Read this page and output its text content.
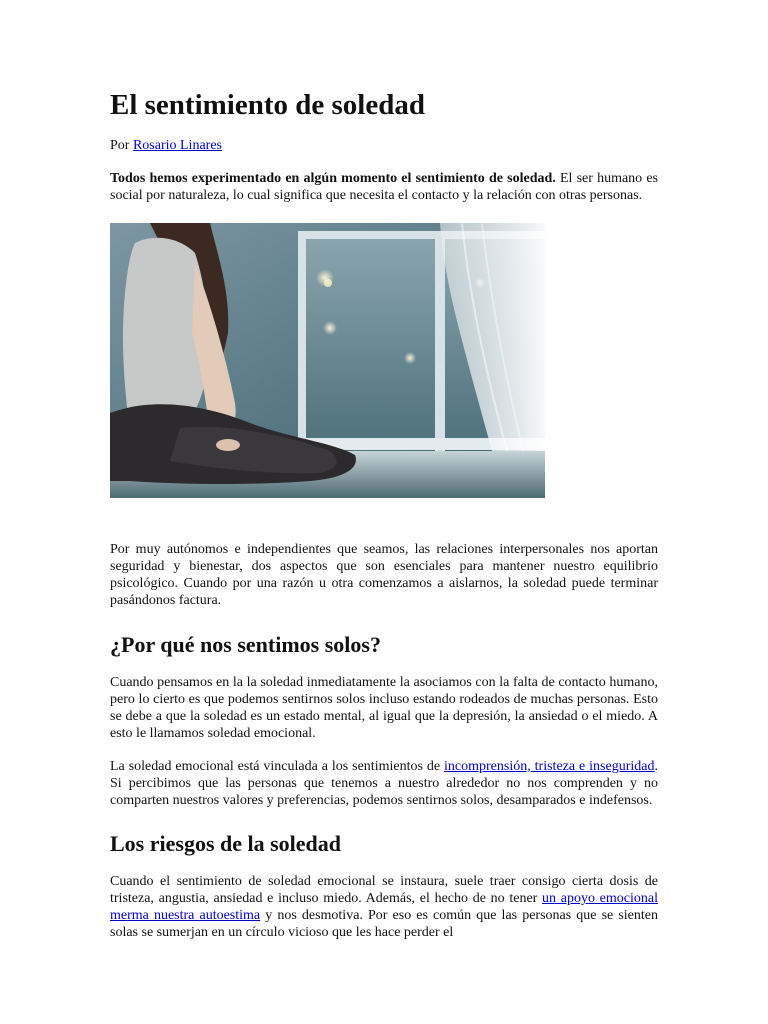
El sentimiento de soledad
Por Rosario Linares

Todos hemos experimentado en algún momento el sentimiento de soledad. El ser humano es social por naturaleza, lo cual significa que necesita el contacto y la relación con otras personas.

Por muy autónomos e independientes que seamos, las relaciones interpersonales nos aportan seguridad y bienestar, dos aspectos que son esenciales para mantener nuestro equilibrio psicológico. Cuando por una razón u otra comenzamos a aislarnos, la soledad puede terminar pasándonos factura.

¿Por qué nos sentimos solos?

Cuando pensamos en la la soledad inmediatamente la asociamos con la falta de contacto humano, pero lo cierto es que podemos sentirnos solos incluso estando rodeados de muchas personas. Esto se debe a que la soledad es un estado mental, al igual que la depresión, la ansiedad o el miedo. A esto le llamamos soledad emocional.

La soledad emocional está vinculada a los sentimientos de incomprensión, tristeza e inseguridad. Si percibimos que las personas que tenemos a nuestro alrededor no nos comprenden y no comparten nuestros valores y preferencias, podemos sentirnos solos, desamparados e indefensos.

Los riesgos de la soledad

Cuando el sentimiento de soledad emocional se instaura, suele traer consigo cierta dosis de tristeza, angustia, ansiedad e incluso miedo. Además, el hecho de no tener un apoyo emocional merma nuestra autoestima y nos desmotiva. Por eso es común que las personas que se sienten solas se sumerjan en un círculo vicioso que les hace perder el
